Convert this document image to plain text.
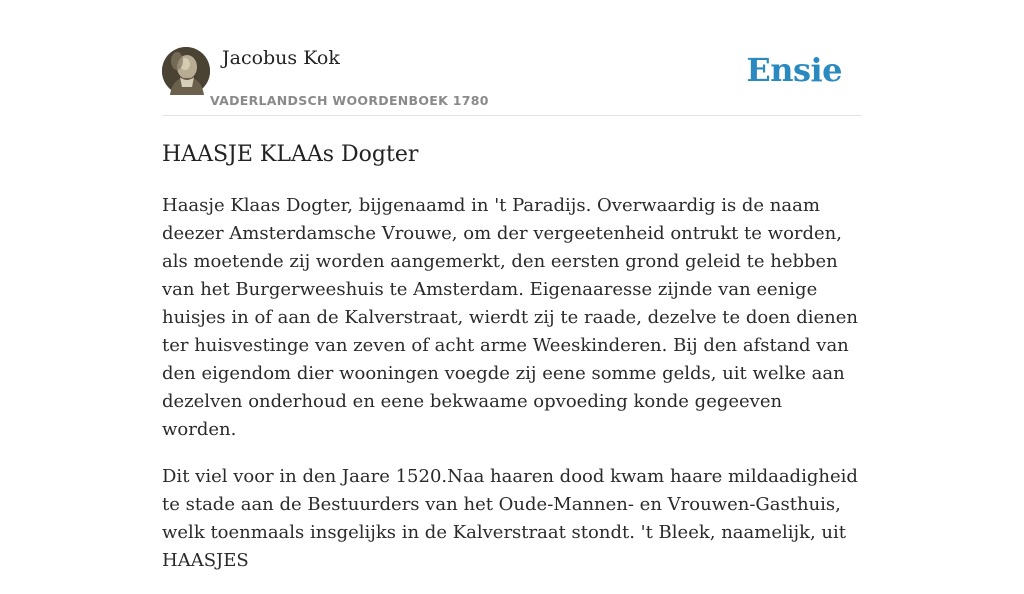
Jacobus Kok
VADERLANDSCH WOORDENBOEK 1780
Ensie
HAASJE KLAAs Dogter

Haasje Klaas Dogter, bijgenaamd in 't Paradijs. Overwaardig is de naam deezer Amsterdamsche Vrouwe, om der vergeetenheid ontrukt te worden, als moetende zij worden aangemerkt, den eersten grond geleid te hebben van het Burgerweeshuis te Amsterdam. Eigenaaresse zijnde van eenige huisjes in of aan de Kalverstraat, wierdt zij te raade, dezelve te doen dienen ter huisvestinge van zeven of acht arme Weeskinderen. Bij den afstand van den eigendom dier wooningen voegde zij eene somme gelds, uit welke aan dezelven onderhoud en eene bekwaame opvoeding konde gegeeven worden.

Dit viel voor in den Jaare 1520.Naa haaren dood kwam haare mildaadigheid te stade aan de Bestuurders van het Oude-Mannen- en Vrouwen-Gasthuis, welk toenmaals insgelijks in de Kalverstraat stondt. 't Bleek, naamelijk, uit HAASJES
